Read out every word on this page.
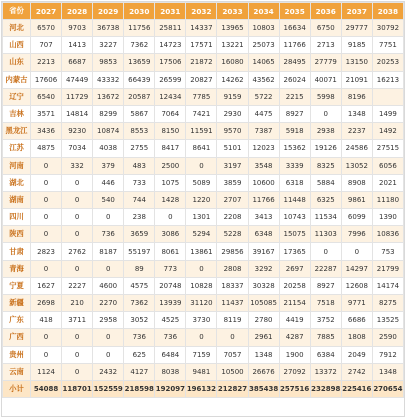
省份	2027	2028	2029	2030	2031	2032	2033	2034	2035	2036	2037	2038
河北	6570	9703	36738	11756	25811	14337	13965	10803	16634	6750	29777	30792
山西	707	1413	3227	7362	14723	17571	13221	25073	11766	2713	9185	7751
山东	2213	6687	9853	13659	17506	21872	16080	14065	28495	27779	13150	20253
内蒙古	17606	47449	43332	66439	26599	20827	14262	43562	26024	40071	21091	16213
辽宁	6540	11729	13672	20587	12434	7785	9159	5722	2215	5998	8196	
吉林	3571	14814	8299	5867	7064	7421	2930	4475	8927	0	1348	1499
黑龙江	3436	9230	10874	8553	8150	11591	9570	7387	5918	2938	2237	1492
江苏	4875	7034	4038	2755	8417	8641	5101	12023	15362	19126	24586	27515
河南	0	332	379	483	2500	0	3197	3548	3339	8325	13052	6056
湖北	0	0	446	733	1075	5089	3859	10600	6318	5884	8908	2021
湖南	0	0	540	744	1428	1220	2707	11766	11448	6325	9861	11180
四川	0	0	0	238	0	1301	2208	3413	10743	11534	6099	1390
陕西	0	0	736	3659	3086	5294	5228	6348	15075	11303	7996	10836
甘肃	2823	2762	8187	55197	8061	13861	29856	39167	17365	0	0	753
青海	0	0	0	89	773	0	2808	3292	2697	22287	14297	21799
宁夏	1627	2227	4600	4575	20748	10828	18337	30328	20258	8927	12608	14174
新疆	2698	210	2270	7362	13939	31120	11437	105085	21154	7518	9771	8275
广东	418	3711	2958	3052	4525	3730	8119	2780	4419	3752	6686	13525
广西	0	0	0	736	736	0	0	2961	4287	7885	1808	2590
贵州	0	0	0	625	6484	7159	7057	1348	1900	6384	2049	7912
云南	1124	0	2432	4127	8038	9481	10500	26676	27092	13372	2742	1348
小计	54088	118701	152559	218598	192097	196132	212827	385438	257516	232898	225416	270654
